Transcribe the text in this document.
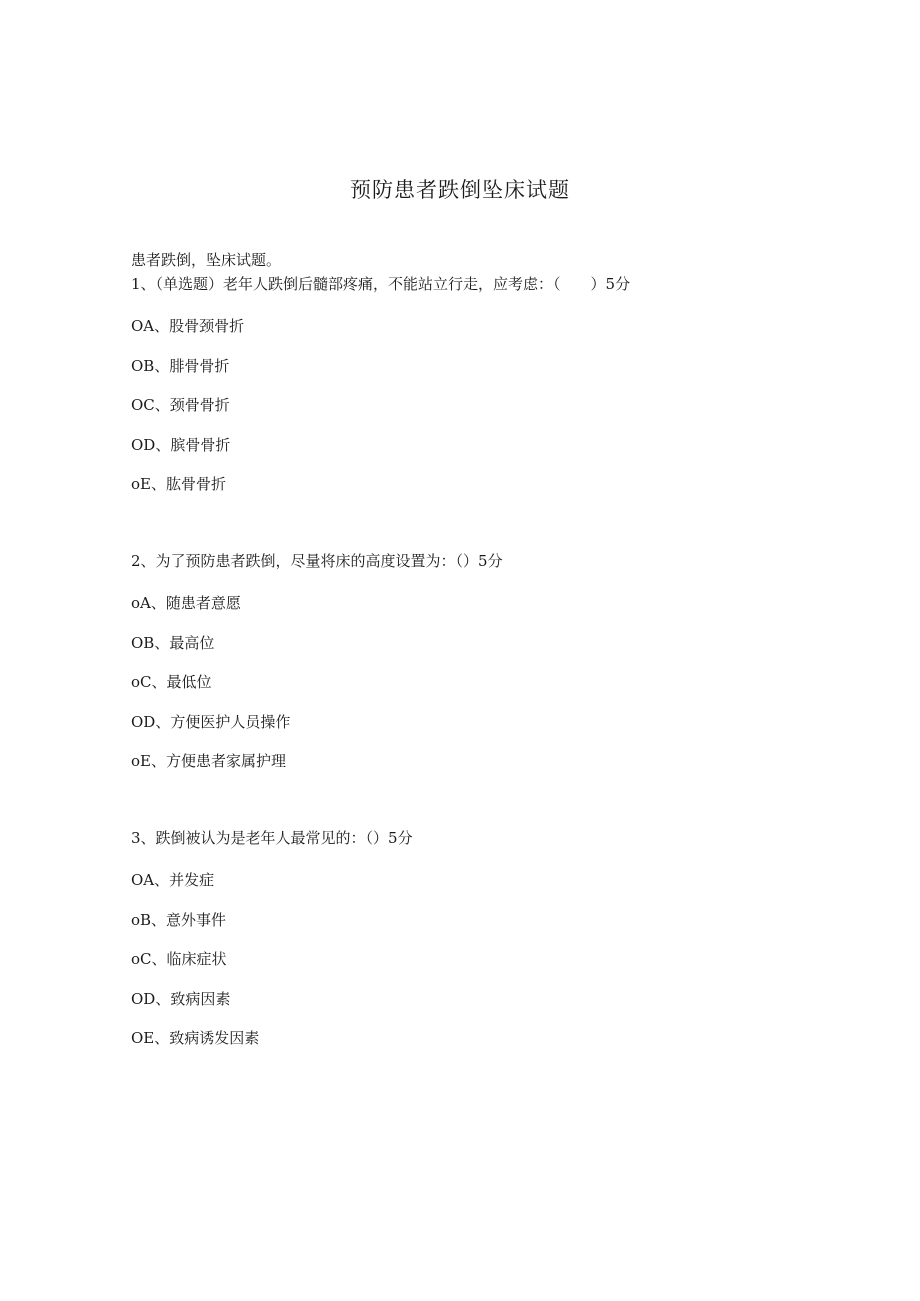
预防患者跌倒坠床试题
患者跌倒，坠床试题。
1、（单选题）老年人跌倒后髓部疼痛，不能站立行走，应考虑：（　　）5分
OA、股骨颈骨折
OB、腓骨骨折
OC、颈骨骨折
OD、膑骨骨折
oE、肱骨骨折
2、为了预防患者跌倒，尽量将床的高度设置为：（）5分
oA、随患者意愿
OB、最高位
oC、最低位
OD、方便医护人员操作
oE、方便患者家属护理
3、跌倒被认为是老年人最常见的：（）5分
OA、并发症
oB、意外事件
oC、临床症状
OD、致病因素
OE、致病诱发因素
